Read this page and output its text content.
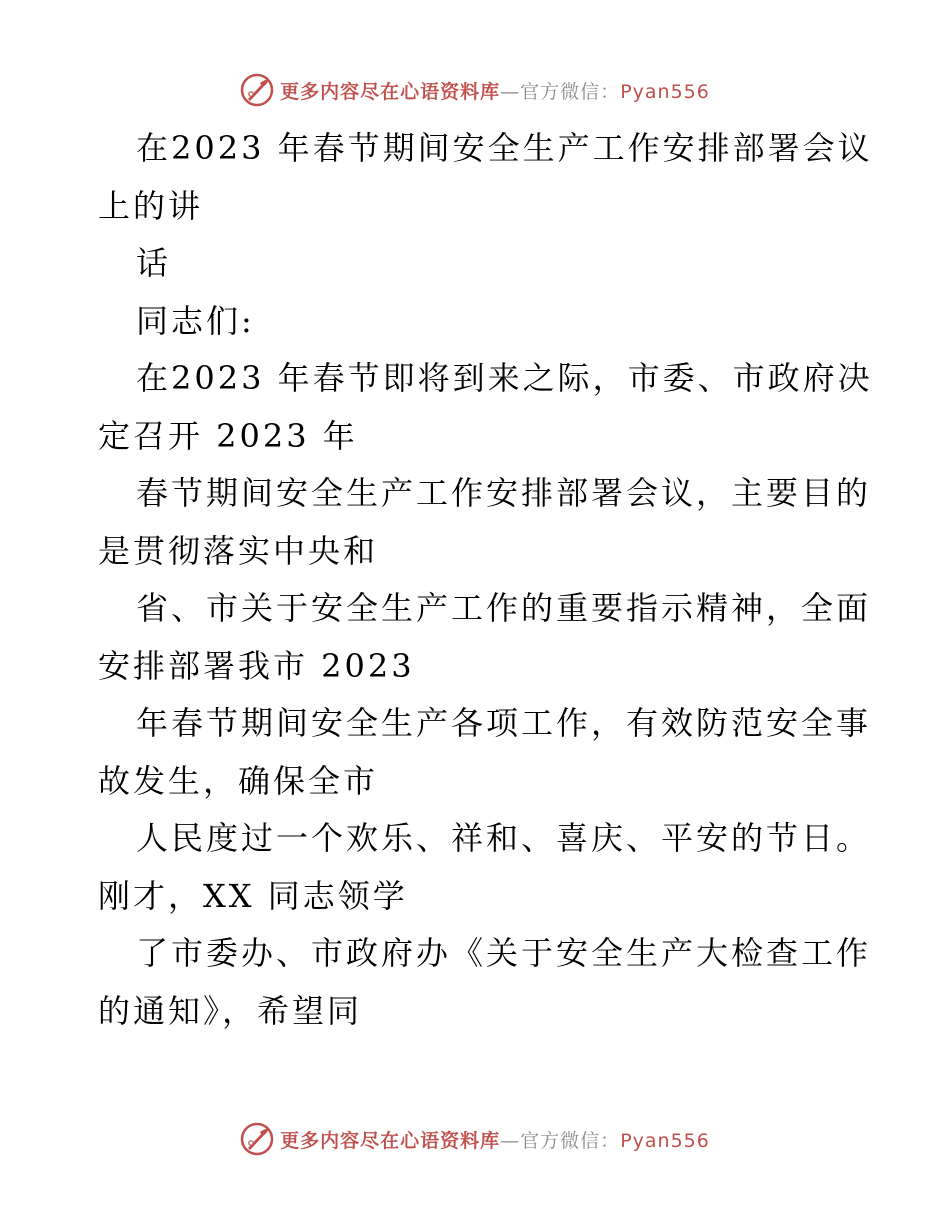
更多内容尽在心语资料库—官方微信：Pyan556
在2023 年春节期间安全生产工作安排部署会议
上的讲
话
同志们:
在2023 年春节即将到来之际，市委、市政府决
定召开 2023 年
春节期间安全生产工作安排部署会议，主要目的
是贯彻落实中央和
省、市关于安全生产工作的重要指示精神，全面
安排部署我市 2023
年春节期间安全生产各项工作，有效防范安全事
故发生，确保全市
人民度过一个欢乐、祥和、喜庆、平安的节日。
刚才，XX 同志领学
了市委办、市政府办《关于安全生产大检查工作
的通知》，希望同
更多内容尽在心语资料库—官方微信：Pyan556
